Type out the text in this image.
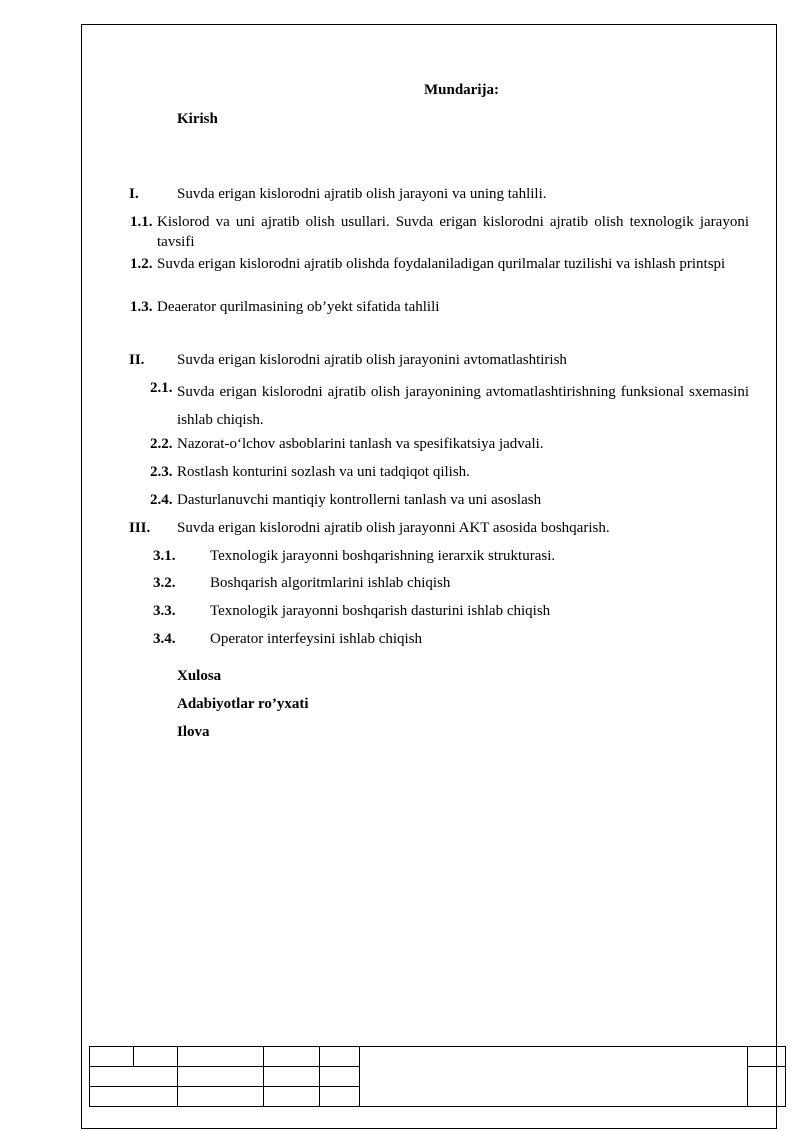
Mundarija:
Kirish
I.	Suvda erigan kislorodni ajratib olish jarayoni va uning tahlili.
1.1. Kislorod va uni ajratib olish usullari. Suvda erigan kislorodni ajratib olish texnologik jarayoni tavsifi
1.2. Suvda erigan kislorodni ajratib olishda foydalaniladigan qurilmalar tuzilishi va ishlash printspi
1.3. Deaerator qurilmasining ob’yekt sifatida tahlili
II. Suvda erigan kislorodni ajratib olish jarayonini avtomatlashtirish
2.1. Suvda erigan kislorodni ajratib olish jarayonining avtomatlashtirishning funksional sxemasini ishlab chiqish.
2.2. Nazorat-o‘lchov asboblarini tanlash va spesifikatsiya jadvali.
2.3. Rostlash konturini sozlash va uni tadqiqot qilish.
2.4. Dasturlanuvchi mantiqiy kontrollerni tanlash va uni asoslash
III. Suvda erigan kislorodni ajratib olish jarayonni AKT asosida boshqarish.
3.1. Texnologik jarayonni boshqarishning ierarxik strukturasi.
3.2. Boshqarish algoritmlarini ishlab chiqish
3.3. Texnologik jarayonni boshqarish dasturini ishlab chiqish
3.4. Operator interfeysini ishlab chiqish
Xulosa
Adabiyotlar ro’yxati
Ilova
